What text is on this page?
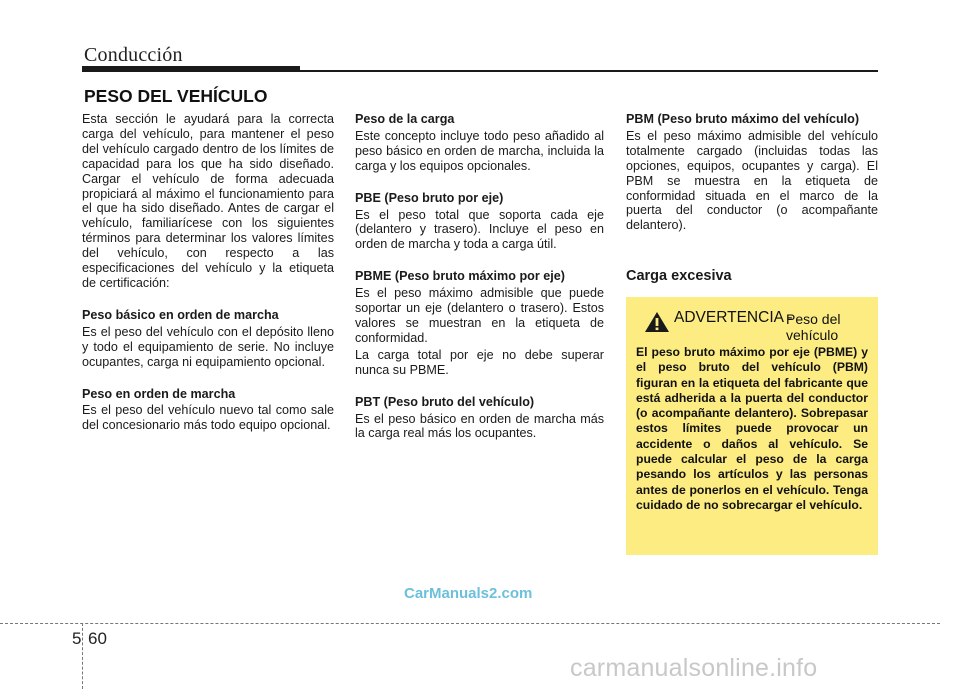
Conducción
PESO DEL VEHÍCULO

Esta sección le ayudará para la correcta carga del vehículo, para mantener el peso del vehículo cargado dentro de los límites de capacidad para los que ha sido diseñado. Cargar el vehículo de forma adecuada propiciará al máximo el funcionamiento para el que ha sido diseñado. Antes de cargar el vehículo, familiarícese con los siguientes términos para determinar los valores límites del vehículo, con respecto a las especificaciones del vehículo y la etiqueta de certificación:

Peso básico en orden de marcha

Es el peso del vehículo con el depósito lleno y todo el equipamiento de serie. No incluye ocupantes, carga ni equipamiento opcional.

Peso en orden de marcha

Es el peso del vehículo nuevo tal como sale del concesionario más todo equipo opcional.

Peso de la carga

Este concepto incluye todo peso añadido al peso básico en orden de marcha, incluida la carga y los equipos opcionales.

PBE (Peso bruto por eje)

Es el peso total que soporta cada eje (delantero y trasero). Incluye el peso en orden de marcha y toda a carga útil.

PBME (Peso bruto máximo por eje)

Es el peso máximo admisible que puede soportar un eje (delantero o trasero). Estos valores se muestran en la etiqueta de conformidad.

La carga total por eje no debe superar nunca su PBME.

PBT (Peso bruto del vehículo)

Es el peso básico en orden de marcha más la carga real más los ocupantes.

PBM (Peso bruto máximo del vehículo)

Es el peso máximo admisible del vehículo totalmente cargado (incluidas todas las opciones, equipos, ocupantes y carga). El PBM se muestra en la etiqueta de conformidad situada en el marco de la puerta del conductor (o acompañante delantero).

Carga excesiva
ADVERTENCIA -
Peso del vehículo
El peso bruto máximo por eje (PBME) y el peso bruto del vehículo (PBM) figuran en la etiqueta del fabricante que está adherida a la puerta del conductor (o acompañante delantero). Sobrepasar estos límites puede provocar un accidente o daños al vehículo. Se puede calcular el peso de la carga pesando los artículos y las personas antes de ponerlos en el vehículo. Tenga cuidado de no sobrecargar el vehículo.
CarManuals2.com
5 60
carmanualsonline.info
